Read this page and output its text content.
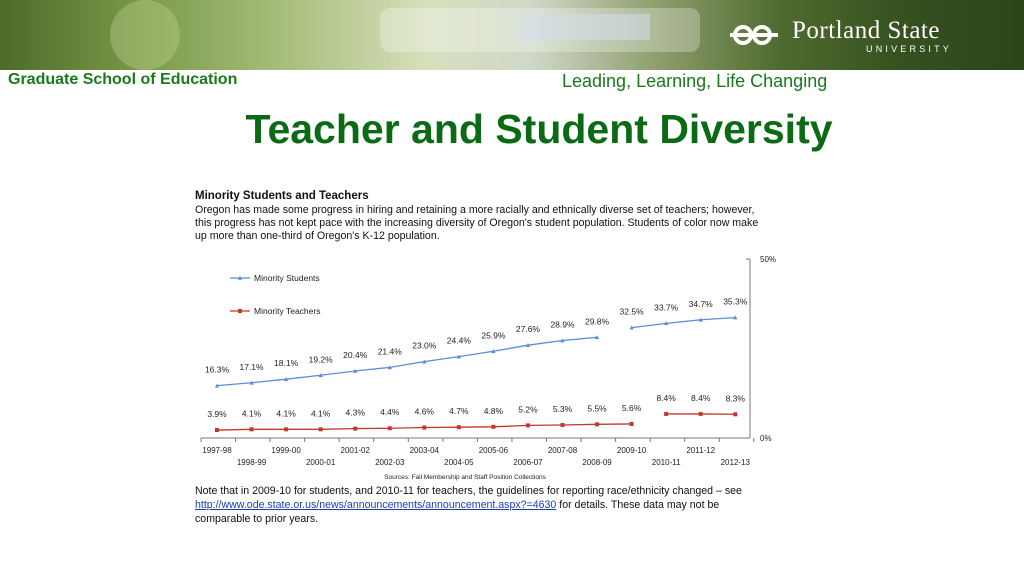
Portland State
UNIVERSITY
Graduate School of Education	Leading, Learning, Life Changing
Teacher and Student Diversity
Minority Students and Teachers
Oregon has made some progress in hiring and retaining a more racially and ethnically diverse set of teachers; however, this progress has not kept pace with the increasing diversity of Oregon's student population. Students of color now make up more than one-third of Oregon's K-12 population.
50%
0%
Minority Students
Minority Teachers
1997-98	1999-00	2001-02	2003-04	2005-06	2007-08	2009-10	2011-12
1998-99	2000-01	2002-03	2004-05	2006-07	2008-09	2010-11	2012-13
16.3% 17.1% 18.1% 19.2% 20.4% 21.4%
23.0%
24.4%
25.9%
27.6% 28.9% 29.8%
32.5% 33.7% 34.7% 35.3%
3.9% 4.1% 4.1% 4.1% 4.3% 4.4% 4.6% 4.7% 4.8% 5.2% 5.3% 5.5% 5.6%
8.4% 8.4% 8.3%
Sources: Fall Membership and Staff Position Collections
Note that in 2009-10 for students, and 2010-11 for teachers, the guidelines for reporting race/ethnicity changed – see http://www.ode.state.or.us/news/announcements/announcement.aspx?=4630 for details. These data may not be comparable to prior years.
